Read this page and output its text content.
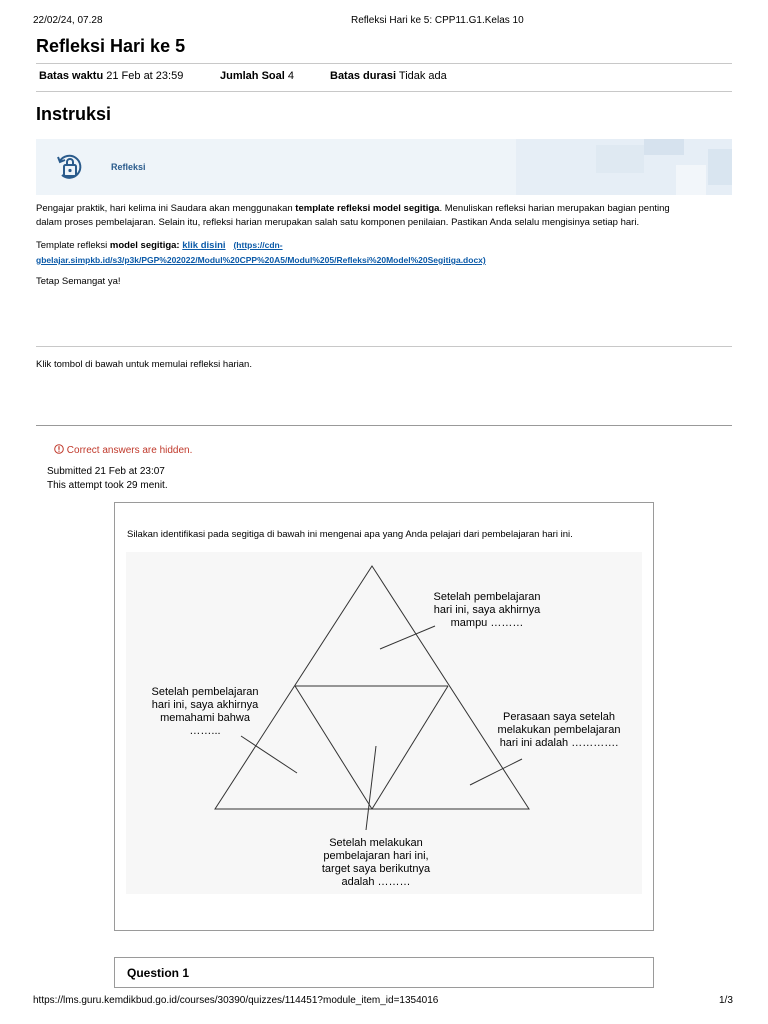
22/02/24, 07.28	Refleksi Hari ke 5: CPP11.G1.Kelas 10
Refleksi Hari ke 5
Batas waktu 21 Feb at 23:59	Jumlah Soal 4	Batas durasi Tidak ada
Instruksi
Refleksi
Pengajar praktik, hari kelima ini Saudara akan menggunakan template refleksi model segitiga. Menuliskan refleksi harian merupakan bagian penting
dalam proses pembelajaran. Selain itu, refleksi harian merupakan salah satu komponen penilaian. Pastikan Anda selalu mengisinya setiap hari.
Template refleksi model segitiga: klik disini (https://cdn-
gbelajar.simpkb.id/s3/p3k/PGP%202022/Modul%20CPP%20A5/Modul%205/Refleksi%20Model%20Segitiga.docx)
Tetap Semangat ya!
Klik tombol di bawah untuk memulai refleksi harian.
Correct answers are hidden.
Submitted 21 Feb at 23:07
This attempt took 29 menit.
Silakan identifikasi pada segitiga di bawah ini mengenai apa yang Anda pelajari dari pembelajaran hari ini.
Setelah pembelajaran
hari ini, saya akhirnya
mampu ………
Setelah pembelajaran
hari ini, saya akhirnya
memahami bahwa
……...
Perasaan saya setelah
melakukan pembelajaran
hari ini adalah ………….
Setelah melakukan
pembelajaran hari ini,
target saya berikutnya
adalah ………
Question 1
https://lms.guru.kemdikbud.go.id/courses/30390/quizzes/114451?module_item_id=1354016	1/3
